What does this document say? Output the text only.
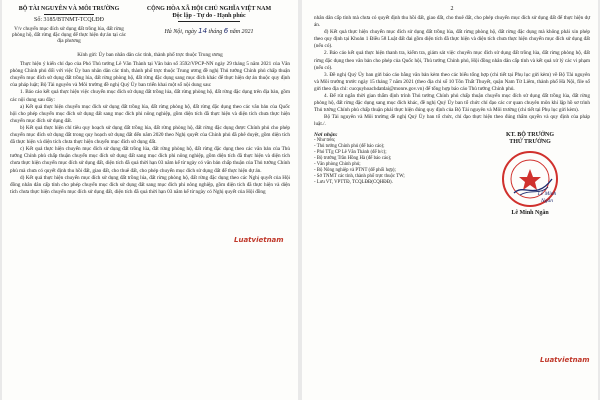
BỘ TÀI NGUYÊN VÀ MÔI TRƯỜNG
Số: 3185/BTNMT-TCQLĐĐ
V/v chuyển mục đích sử dụng đất trồng lúa, đất rừng phòng hộ, đất rừng đặc dụng để thực hiện dự án tại các địa phương
CỘNG HÒA XÃ HỘI CHỦ NGHĨA VIỆT NAM
Độc lập - Tự do - Hạnh phúc
Hà Nội, ngày 14 tháng 6 năm 2021

Kính gửi: Ủy ban nhân dân các tỉnh, thành phố trực thuộc Trung ương

Thực hiện ý kiến chỉ đạo của Phó Thủ tướng Lê Văn Thành tại Văn bản số 3592/VPCP-NN ngày 29 tháng 5 năm 2021 của Văn phòng Chính phủ đối với việc Ủy ban nhân dân các tỉnh, thành phố trực thuộc Trung ương đề nghị Thủ tướng Chính phủ chấp thuận chuyển mục đích sử dụng đất trồng lúa, đất rừng phòng hộ, đất rừng đặc dụng sang mục đích khác để thực hiện dự án thuộc quy định của pháp luật; Bộ Tài nguyên và Môi trường đề nghị Quý Ủy ban triển khai một số nội dung sau:

1. Báo cáo kết quả thực hiện việc chuyển mục đích sử dụng đất trồng lúa, đất rừng phòng hộ, đất rừng đặc dụng trên địa bàn, gồm các nội dung sau đây:

a) Kết quả thực hiện chuyển mục đích sử dụng đất trồng lúa, đất rừng phòng hộ, đất rừng đặc dụng theo các văn bản của Quốc hội cho phép chuyển mục đích sử dụng đất sang mục đích phi nông nghiệp, gồm diện tích đã thực hiện và diện tích chưa thực hiện chuyển mục đích sử dụng đất.

b) Kết quả thực hiện chỉ tiêu quy hoạch sử dụng đất trồng lúa, đất rừng phòng hộ, đất rừng đặc dụng được Chính phủ cho phép chuyển mục đích sử dụng đất trong quy hoạch sử dụng đất đến năm 2020 theo Nghị quyết của Chính phủ đã phê duyệt, gồm diện tích đã thực hiện và diện tích chưa thực hiện chuyển mục đích sử dụng đất.

c) Kết quả thực hiện chuyển mục đích sử dụng đất trồng lúa, đất rừng phòng hộ, đất rừng đặc dụng theo các văn bản của Thủ tướng Chính phủ chấp thuận chuyển mục đích sử dụng đất sang mục đích phi nông nghiệp, gồm diện tích đã thực hiện và diện tích chưa thực hiện chuyển mục đích sử dụng đất, diện tích đã quá thời hạn 03 năm kể từ ngày có văn bản chấp thuận của Thủ tướng Chính phủ mà chưa có quyết định thu hồi đất, giao đất, cho thuê đất, cho phép chuyển mục đích sử dụng đất để thực hiện dự án.

d) Kết quả thực hiện chuyển mục đích sử dụng đất trồng lúa, đất rừng phòng hộ, đất rừng đặc dụng theo các Nghị quyết của Hội đồng nhân dân cấp tỉnh cho phép chuyển mục đích sử dụng đất sang mục đích phi nông nghiệp, gồm diện tích đã thực hiện và diện tích chưa thực hiện chuyển mục đích sử dụng đất, diện tích đã quá thời hạn 03 năm kể từ ngày có Nghị quyết của Hội đồng

Luatvietnam
2

nhân dân cấp tỉnh mà chưa có quyết định thu hồi đất, giao đất, cho thuê đất, cho phép chuyển mục đích sử dụng đất để thực hiện dự án.

đ) Kết quả thực hiện chuyển mục đích sử dụng đất trồng lúa, đất rừng phòng hộ, đất rừng đặc dụng mà không phải xin phép theo quy định tại Khoản 1 Điều 58 Luật đất đai gồm diện tích đã thực hiện và diện tích chưa thực hiện chuyển mục đích sử dụng đất (nếu có).

2. Báo cáo kết quả thực hiện thanh tra, kiểm tra, giám sát việc chuyển mục đích sử dụng đất trồng lúa, đất rừng phòng hộ, đất rừng đặc dụng theo văn bản cho phép của Quốc hội, Thủ tướng Chính phủ, Hội đồng nhân dân cấp tỉnh và kết quả xử lý các vi phạm (nếu có).

3. Đề nghị Quý Ủy ban gửi báo cáo bằng văn bản kèm theo các biểu tổng hợp (chi tiết tại Phụ lục gửi kèm) về Bộ Tài nguyên và Môi trường trước ngày 15 tháng 7 năm 2021 (theo địa chỉ số 10 Tôn Thất Thuyết, quận Nam Từ Liêm, thành phố Hà Nội, file số gửi theo địa chỉ: cucquyhoachdatdai@monre.gov.vn) để tổng hợp báo cáo Thủ tướng Chính phủ.

4. Để rút ngắn thời gian thẩm định trình Thủ tướng Chính phủ chấp thuận chuyển mục đích sử dụng đất trồng lúa, đất rừng phòng hộ, đất rừng đặc dụng sang mục đích khác, đề nghị Quý Ủy ban tổ chức chỉ đạo các cơ quan chuyên môn khi lập hồ sơ trình Thủ tướng Chính phủ chấp thuận phải thực hiện đúng quy định của Bộ Tài nguyên và Môi trường (chi tiết tại Phụ lục gửi kèm).

Bộ Tài nguyên và Môi trường đề nghị Quý Ủy ban tổ chức, chỉ đạo thực hiện theo đúng thẩm quyền và quy định của pháp luật./.

Nơi nhận:
- Như trên;
- Thủ tướng Chính phủ (để báo cáo);
- Phó TTg CP Lê Văn Thành (để b/c);
- Bộ trưởng Trần Hồng Hà (để báo cáo);
- Văn phòng Chính phủ;
- Bộ Nông nghiệp và PTNT (để phối hợp);
- Sở TNMT các tỉnh, thành phố trực thuộc TW;
- Lưu VT, VPTTĐ, TCQLĐĐ(CQHĐĐ).
KT. BỘ TRƯỞNG
THỨ TRƯỞNG
Lê Minh Ngân
Lê Minh Ngân
Luatvietnam
